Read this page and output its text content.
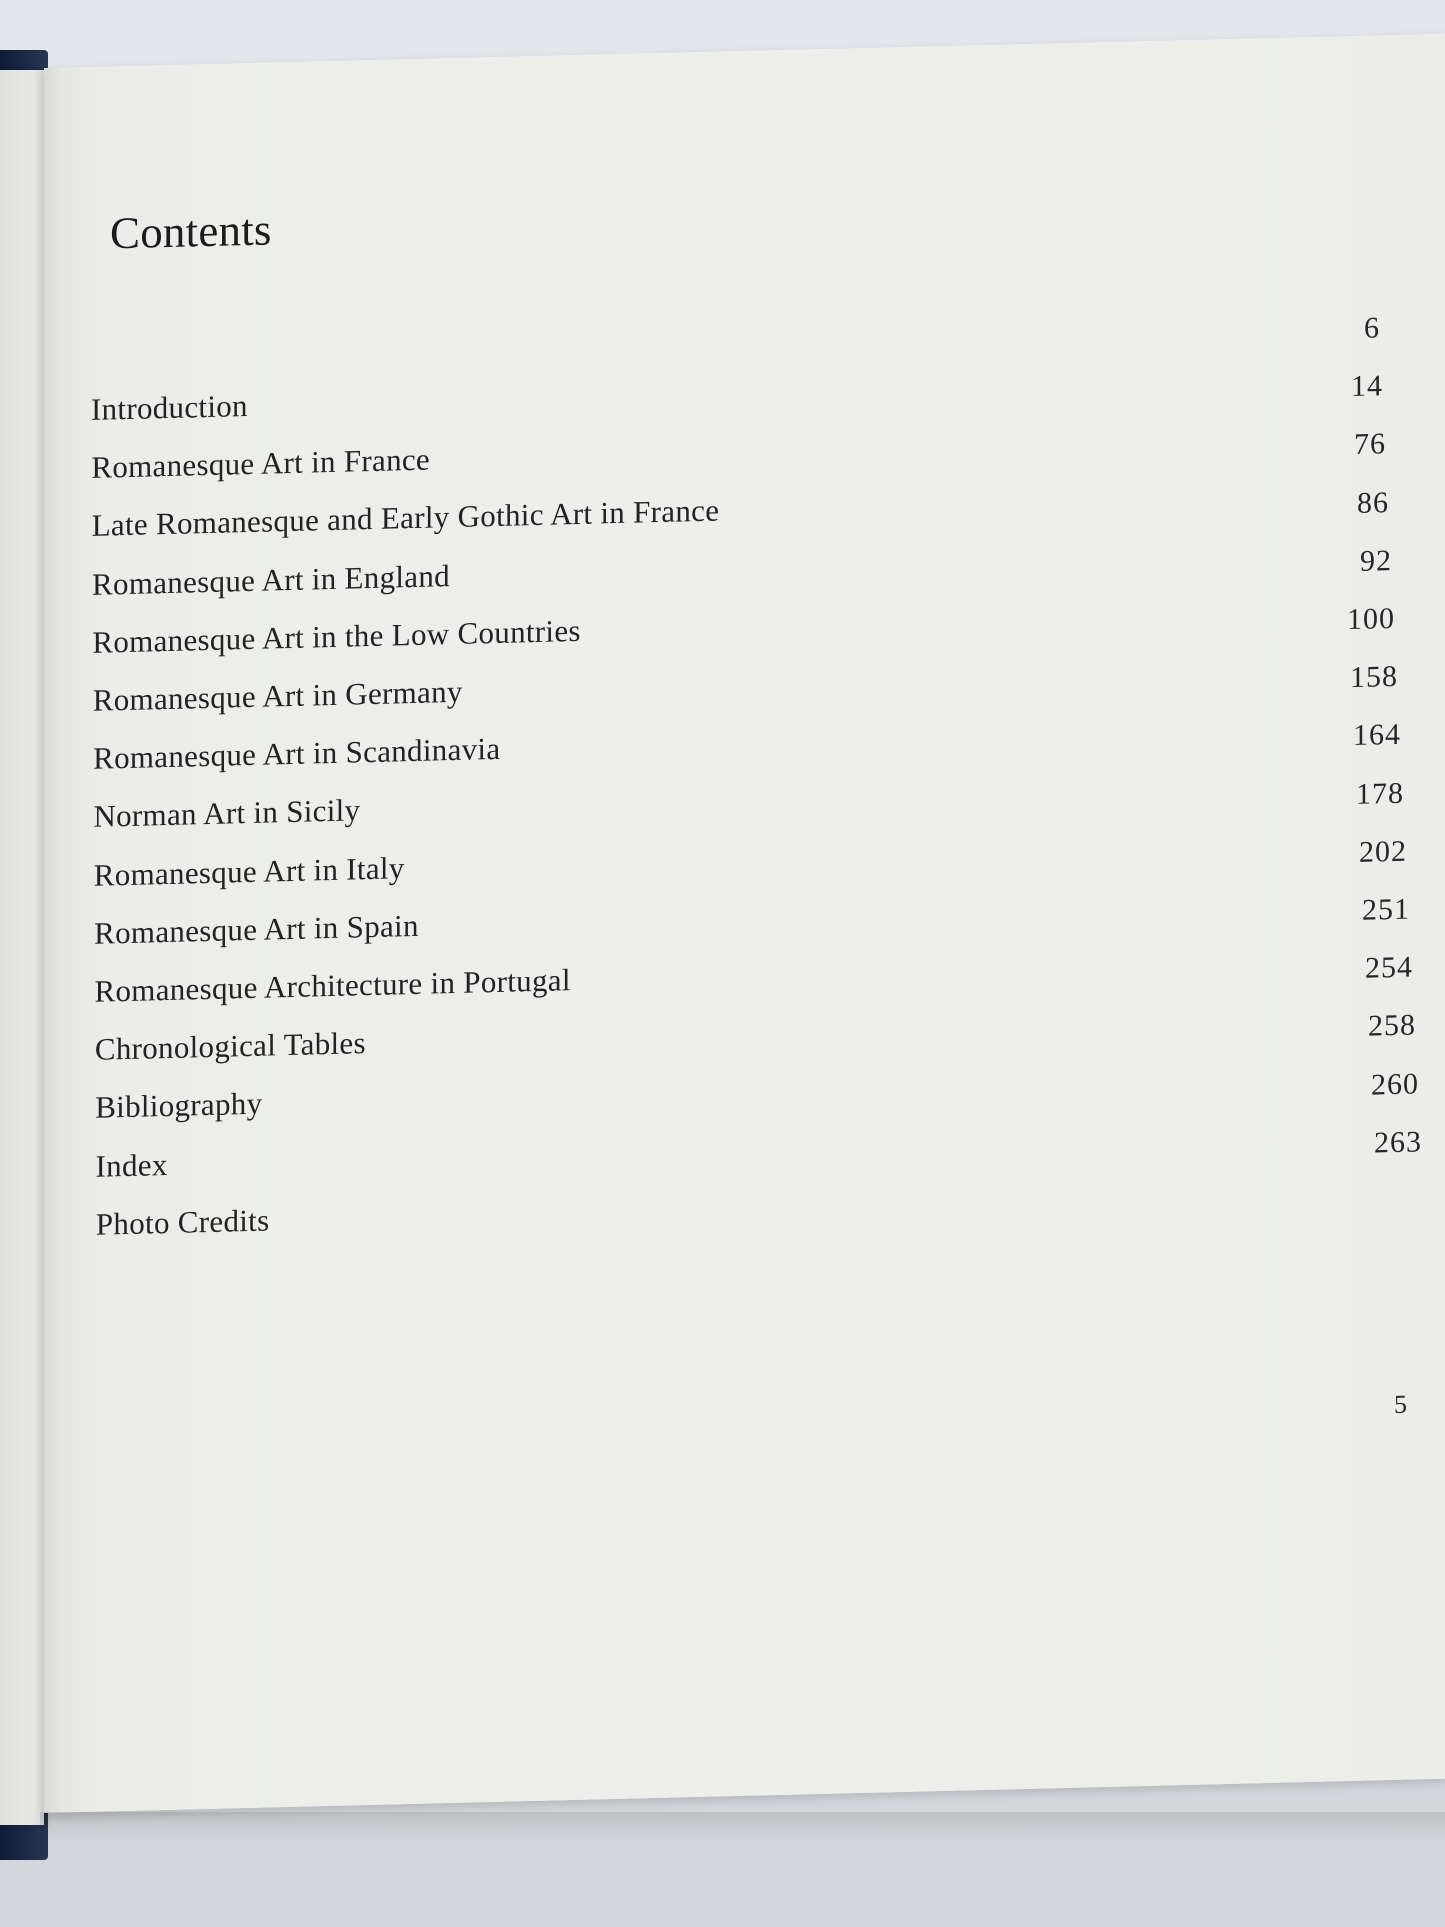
Contents
Introduction
6
Romanesque Art in France
14
Late Romanesque and Early Gothic Art in France
76
Romanesque Art in England
86
Romanesque Art in the Low Countries
92
Romanesque Art in Germany
100
Romanesque Art in Scandinavia
158
Norman Art in Sicily
164
Romanesque Art in Italy
178
Romanesque Art in Spain
202
Romanesque Architecture in Portugal
251
Chronological Tables
254
Bibliography
258
Index
260
Photo Credits
263
5
